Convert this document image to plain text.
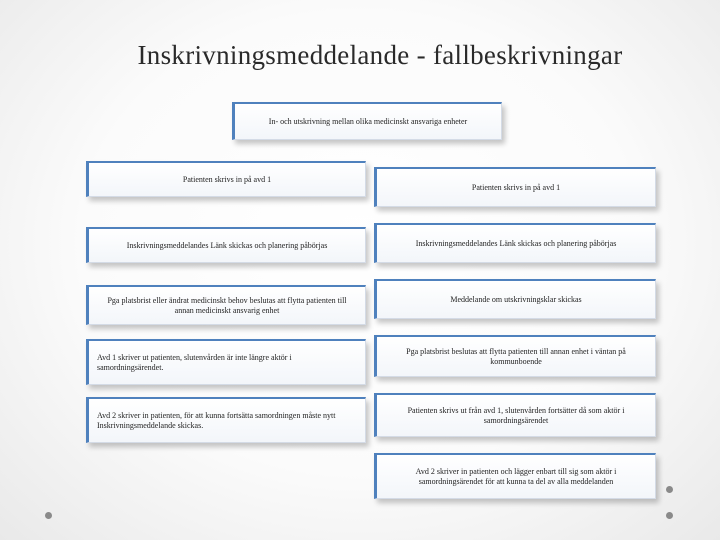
Inskrivningsmeddelande - fallbeskrivningar
In- och utskrivning mellan olika medicinskt ansvariga enheter
Patienten skrivs in på avd 1
Inskrivningsmeddelandes Länk skickas och planering påbörjas
Pga platsbrist eller ändrat medicinskt behov beslutas att flytta patienten till annan medicinskt ansvarig enhet
Avd 1 skriver ut patienten, slutenvården är inte längre aktör i samordningsärendet.
Avd 2 skriver in patienten, för att kunna fortsätta samordningen måste nytt Inskrivningsmeddelande skickas.
Patienten skrivs in på avd 1
Inskrivningsmeddelandes Länk skickas och planering påbörjas
Meddelande om utskrivningsklar skickas
Pga platsbrist beslutas att flytta patienten till annan enhet i väntan på kommunboende
Patienten skrivs ut från avd 1, slutenvården fortsätter då som aktör i samordningsärendet
Avd 2 skriver in patienten och lägger enbart till sig som aktör i samordningsärendet för att kunna ta del av alla meddelanden
